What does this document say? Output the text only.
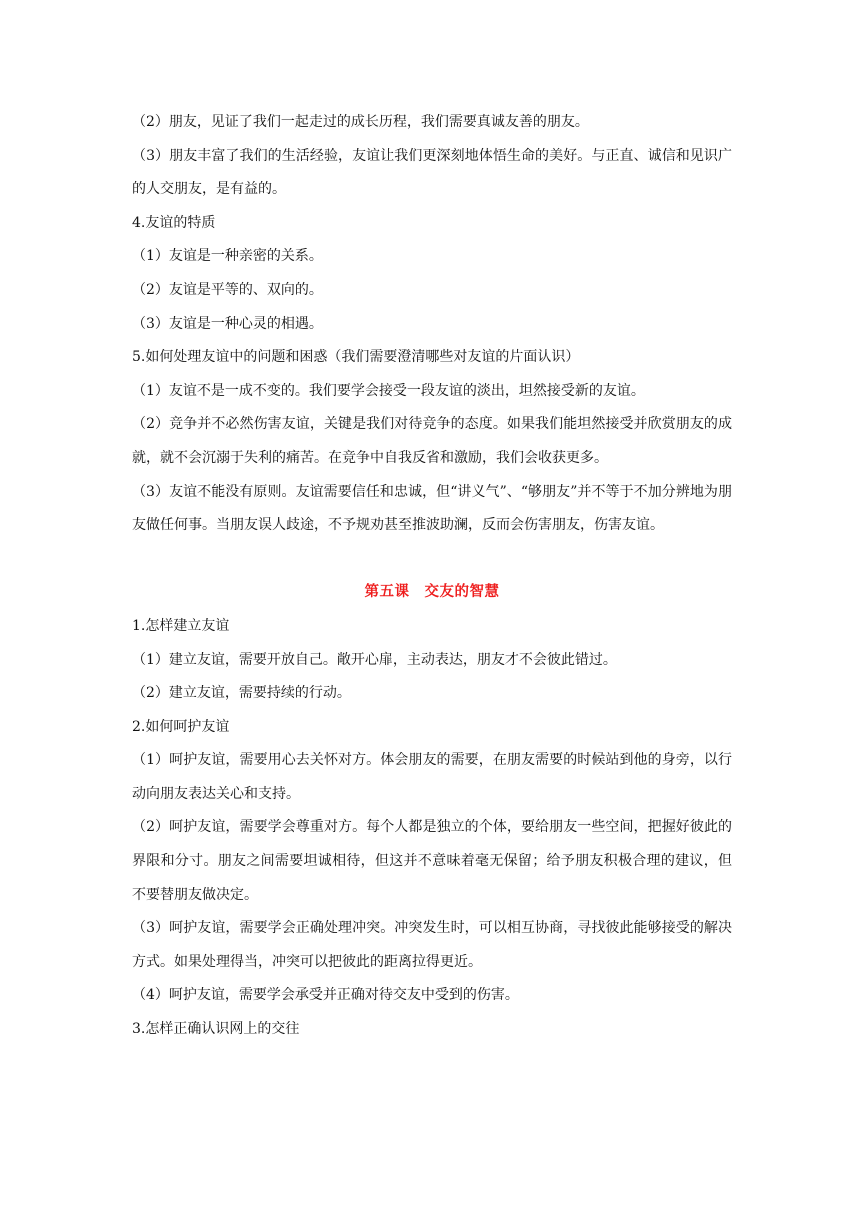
（2）朋友，见证了我们一起走过的成长历程，我们需要真诚友善的朋友。

（3）朋友丰富了我们的生活经验，友谊让我们更深刻地体悟生命的美好。与正直、诚信和见识广的人交朋友，是有益的。

4.友谊的特质

（1）友谊是一种亲密的关系。

（2）友谊是平等的、双向的。

（3）友谊是一种心灵的相遇。

5.如何处理友谊中的问题和困惑（我们需要澄清哪些对友谊的片面认识）

（1）友谊不是一成不变的。我们要学会接受一段友谊的淡出，坦然接受新的友谊。

（2）竞争并不必然伤害友谊，关键是我们对待竞争的态度。如果我们能坦然接受并欣赏朋友的成就，就不会沉溺于失利的痛苦。在竞争中自我反省和激励，我们会收获更多。

（3）友谊不能没有原则。友谊需要信任和忠诚，但“讲义气”、“够朋友”并不等于不加分辨地为朋友做任何事。当朋友误人歧途，不予规劝甚至推波助澜，反而会伤害朋友，伤害友谊。

第五课　交友的智慧

1.怎样建立友谊

（1）建立友谊，需要开放自己。敞开心扉，主动表达，朋友才不会彼此错过。

（2）建立友谊，需要持续的行动。

2.如何呵护友谊

（1）呵护友谊，需要用心去关怀对方。体会朋友的需要，在朋友需要的时候站到他的身旁，以行动向朋友表达关心和支持。

（2）呵护友谊，需要学会尊重对方。每个人都是独立的个体，要给朋友一些空间，把握好彼此的界限和分寸。朋友之间需要坦诚相待，但这并不意味着毫无保留；给予朋友积极合理的建议，但不要替朋友做决定。

（3）呵护友谊，需要学会正确处理冲突。冲突发生时，可以相互协商，寻找彼此能够接受的解决方式。如果处理得当，冲突可以把彼此的距离拉得更近。

（4）呵护友谊，需要学会承受并正确对待交友中受到的伤害。

3.怎样正确认识网上的交往
